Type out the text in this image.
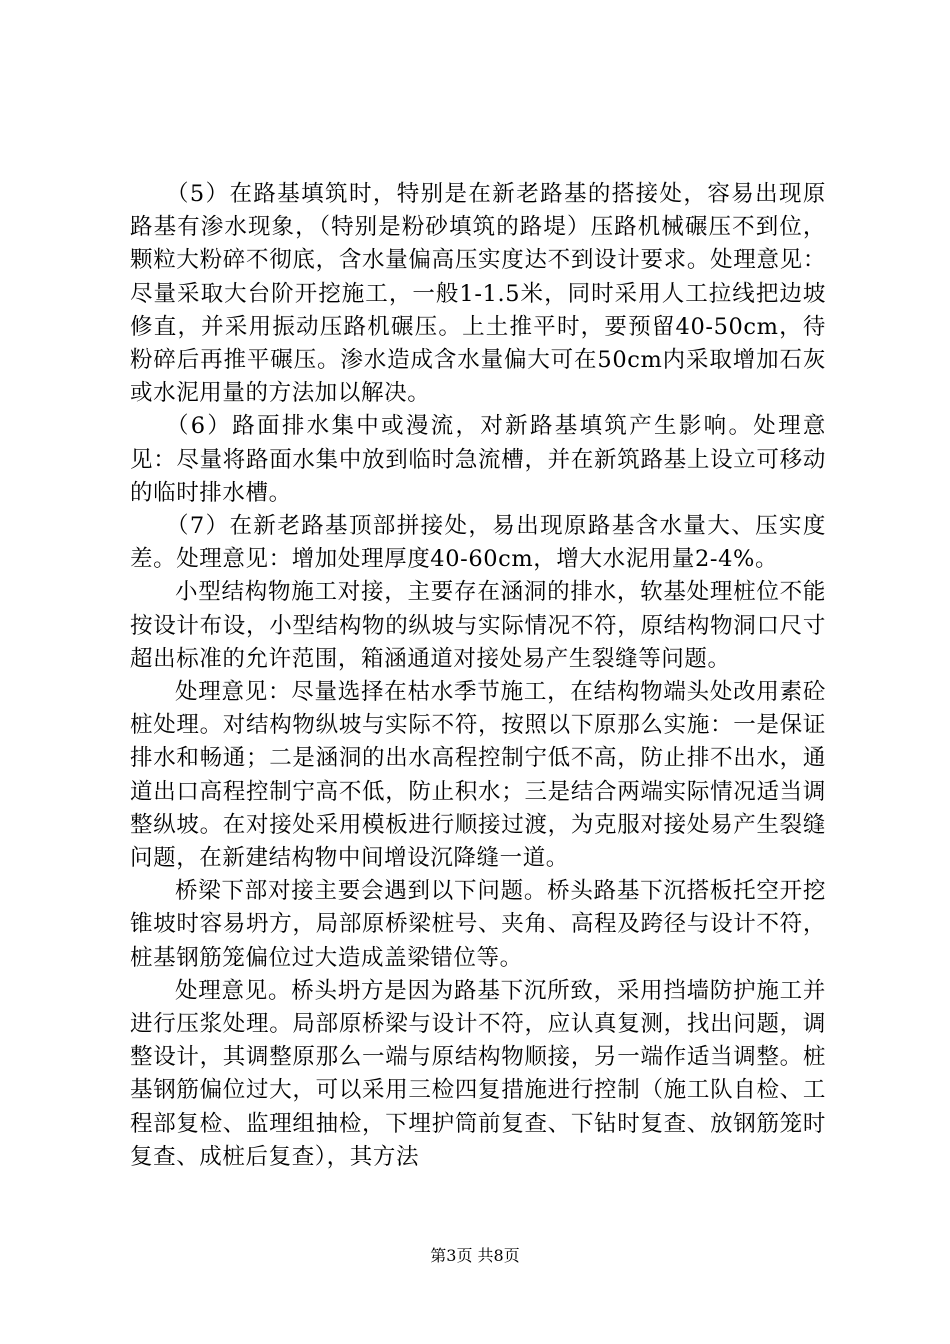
（5）在路基填筑时，特别是在新老路基的搭接处，容易出现原路基有渗水现象，（特别是粉砂填筑的路堤）压路机械碾压不到位，颗粒大粉碎不彻底，含水量偏高压实度达不到设计要求。处理意见：尽量采取大台阶开挖施工，一般1-1.5米，同时采用人工拉线把边坡修直，并采用振动压路机碾压。上土推平时，要预留40-50cm，待粉碎后再推平碾压。渗水造成含水量偏大可在50cm内采取增加石灰或水泥用量的方法加以解决。

（6）路面排水集中或漫流，对新路基填筑产生影响。处理意见：尽量将路面水集中放到临时急流槽，并在新筑路基上设立可移动的临时排水槽。

（7）在新老路基顶部拼接处，易出现原路基含水量大、压实度差。处理意见：增加处理厚度40-60cm，增大水泥用量2-4%。

小型结构物施工对接，主要存在涵洞的排水，软基处理桩位不能按设计布设，小型结构物的纵坡与实际情况不符，原结构物洞口尺寸超出标准的允许范围，箱涵通道对接处易产生裂缝等问题。

处理意见：尽量选择在枯水季节施工，在结构物端头处改用素砼桩处理。对结构物纵坡与实际不符，按照以下原那么实施：一是保证排水和畅通；二是涵洞的出水高程控制宁低不高，防止排不出水，通道出口高程控制宁高不低，防止积水；三是结合两端实际情况适当调整纵坡。在对接处采用模板进行顺接过渡，为克服对接处易产生裂缝问题，在新建结构物中间增设沉降缝一道。

桥梁下部对接主要会遇到以下问题。桥头路基下沉搭板托空开挖锥坡时容易坍方，局部原桥梁桩号、夹角、高程及跨径与设计不符，桩基钢筋笼偏位过大造成盖梁错位等。

处理意见。桥头坍方是因为路基下沉所致，采用挡墙防护施工并进行压浆处理。局部原桥梁与设计不符，应认真复测，找出问题，调整设计，其调整原那么一端与原结构物顺接，另一端作适当调整。桩基钢筋偏位过大，可以采用三检四复措施进行控制（施工队自检、工程部复检、监理组抽检，下埋护筒前复查、下钻时复查、放钢筋笼时复查、成桩后复查），其方法

第3页 共8页
